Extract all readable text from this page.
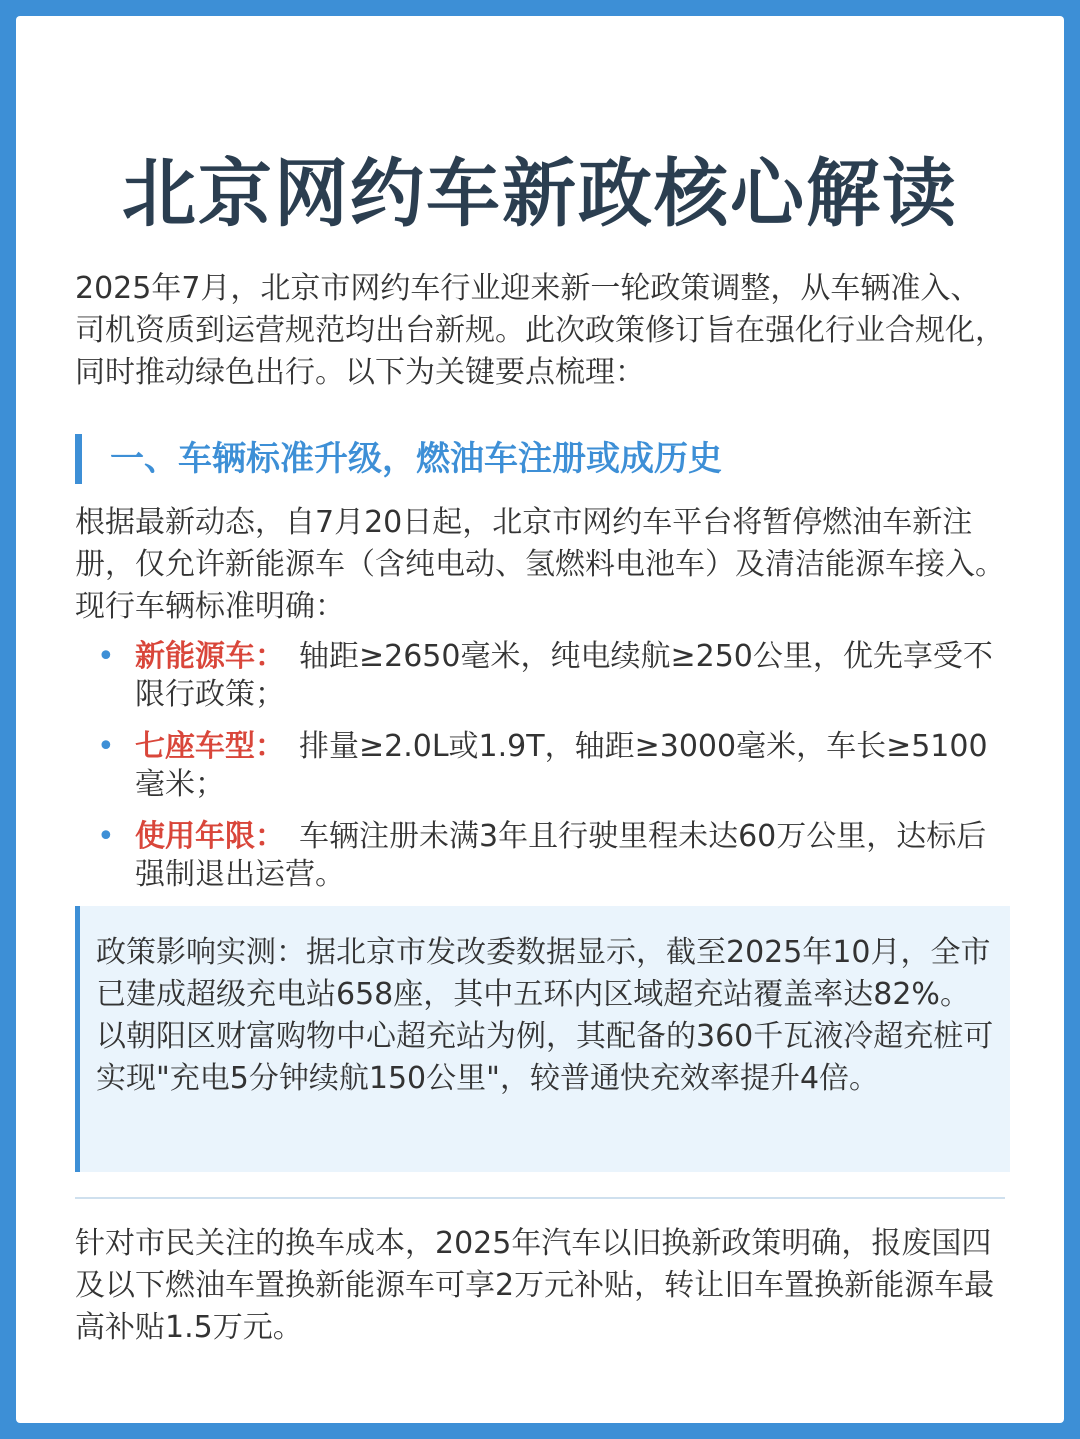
北京网约车新政核心解读
2025年7月，北京市网约车行业迎来新一轮政策调整，从车辆准入、司机资质到运营规范均出台新规。此次政策修订旨在强化行业合规化，同时推动绿色出行。以下为关键要点梳理：
一、车辆标准升级，燃油车注册或成历史
根据最新动态，自7月20日起，北京市网约车平台将暂停燃油车新注册，仅允许新能源车（含纯电动、氢燃料电池车）及清洁能源车接入。现行车辆标准明确：
• 新能源车： 轴距≥2650毫米，纯电续航≥250公里，优先享受不限行政策；
• 七座车型： 排量≥2.0L或1.9T，轴距≥3000毫米，车长≥5100毫米；
• 使用年限： 车辆注册未满3年且行驶里程未达60万公里，达标后强制退出运营。
政策影响实测：据北京市发改委数据显示，截至2025年10月，全市已建成超级充电站658座，其中五环内区域超充站覆盖率达82%。以朝阳区财富购物中心超充站为例，其配备的360千瓦液冷超充桩可实现"充电5分钟续航150公里"，较普通快充效率提升4倍。
针对市民关注的换车成本，2025年汽车以旧换新政策明确，报废国四及以下燃油车置换新能源车可享2万元补贴，转让旧车置换新能源车最高补贴1.5万元。
